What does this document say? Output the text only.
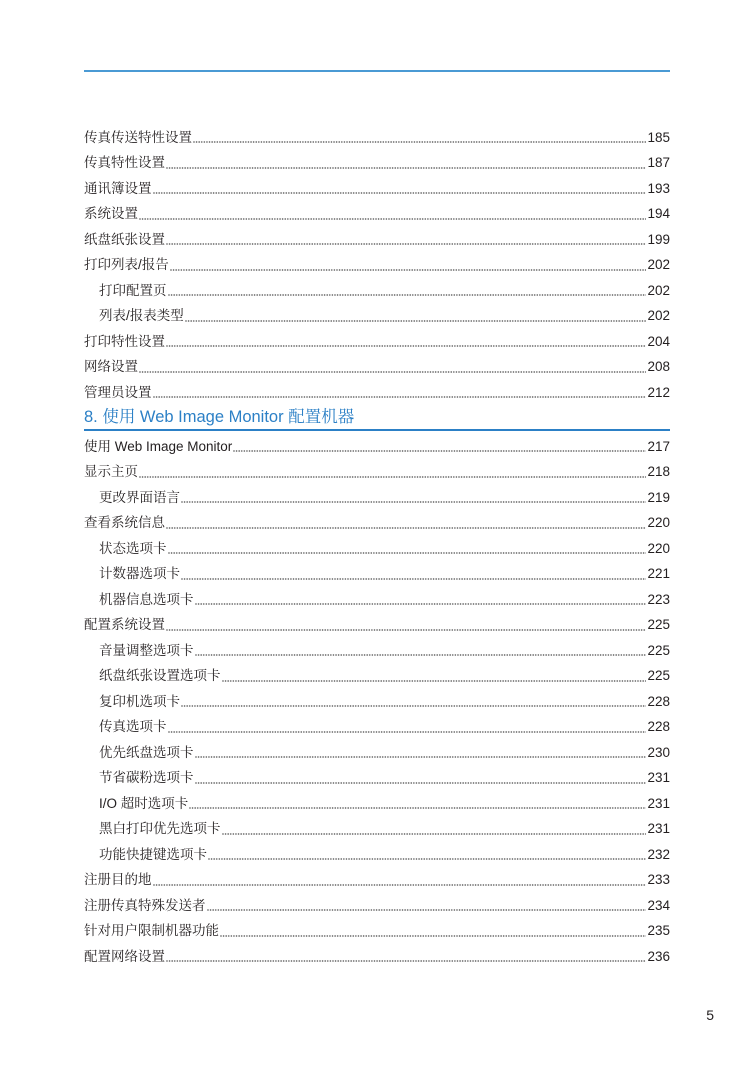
传真传送特性设置	185
传真特性设置	187
通讯簿设置	193
系统设置	194
纸盘纸张设置	199
打印列表/报告	202
打印配置页	202
列表/报表类型	202
打印特性设置	204
网络设置	208
管理员设置	212
8. 使用 Web Image Monitor 配置机器
使用 Web Image Monitor	217
显示主页	218
更改界面语言	219
查看系统信息	220
状态选项卡	220
计数器选项卡	221
机器信息选项卡	223
配置系统设置	225
音量调整选项卡	225
纸盘纸张设置选项卡	225
复印机选项卡	228
传真选项卡	228
优先纸盘选项卡	230
节省碳粉选项卡	231
I/O 超时选项卡	231
黑白打印优先选项卡	231
功能快捷键选项卡	232
注册目的地	233
注册传真特殊发送者	234
针对用户限制机器功能	235
配置网络设置	236
5
